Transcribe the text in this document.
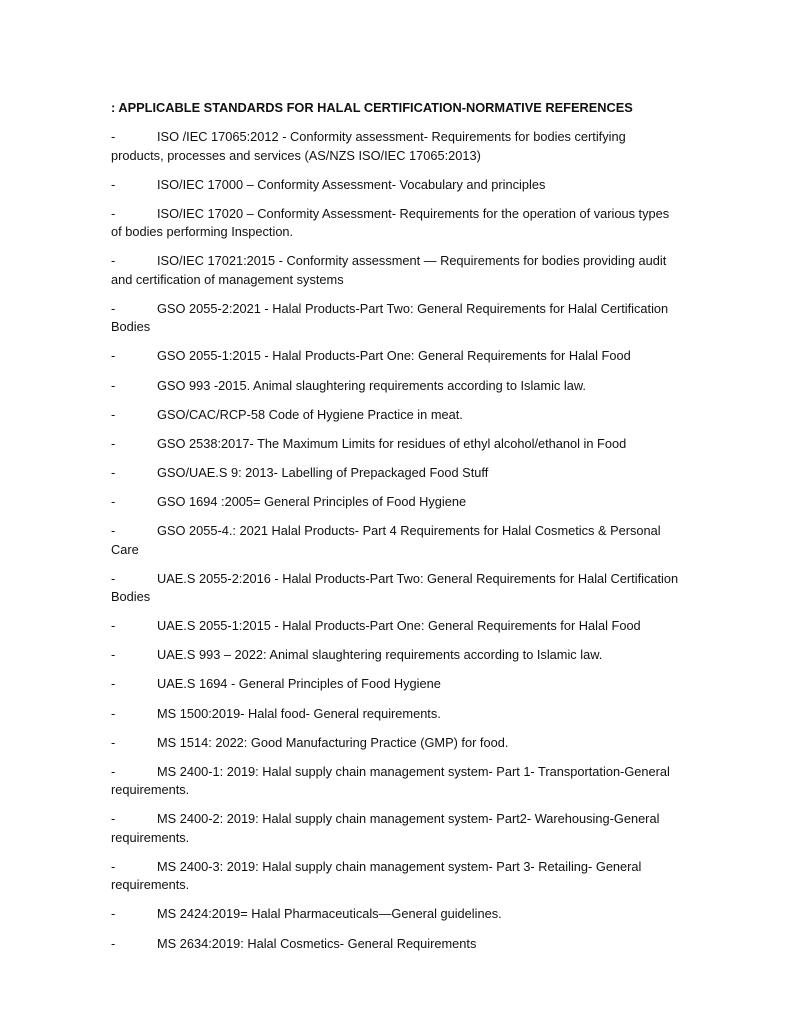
: APPLICABLE STANDARDS FOR HALAL CERTIFICATION-NORMATIVE REFERENCES
-	ISO /IEC 17065:2012 - Conformity assessment- Requirements for bodies certifying products, processes and services (AS/NZS ISO/IEC 17065:2013)
-	ISO/IEC 17000 – Conformity Assessment- Vocabulary and principles
-	ISO/IEC 17020 – Conformity Assessment- Requirements for the operation of various types of bodies performing Inspection.
-	ISO/IEC 17021:2015 - Conformity assessment — Requirements for bodies providing audit and certification of management systems
-	GSO 2055-2:2021 - Halal Products-Part Two: General Requirements for Halal Certification Bodies
-	GSO 2055-1:2015 - Halal Products-Part One: General Requirements for Halal Food
-	GSO 993 -2015. Animal slaughtering requirements according to Islamic law.
-	GSO/CAC/RCP-58 Code of Hygiene Practice in meat.
-	GSO 2538:2017- The Maximum Limits for residues of ethyl alcohol/ethanol in Food
-	GSO/UAE.S 9: 2013- Labelling of Prepackaged Food Stuff
-	GSO 1694 :2005= General Principles of Food Hygiene
-	GSO 2055-4.: 2021 Halal Products- Part 4 Requirements for Halal Cosmetics & Personal Care
-	UAE.S 2055-2:2016 - Halal Products-Part Two: General Requirements for Halal Certification Bodies
-	UAE.S 2055-1:2015 - Halal Products-Part One: General Requirements for Halal Food
-	UAE.S 993 – 2022: Animal slaughtering requirements according to Islamic law.
-	UAE.S 1694 - General Principles of Food Hygiene
-	MS 1500:2019- Halal food- General requirements.
-	MS 1514: 2022: Good Manufacturing Practice (GMP) for food.
-	MS 2400-1: 2019: Halal supply chain management system- Part 1- Transportation-General requirements.
-	MS 2400-2: 2019: Halal supply chain management system- Part2- Warehousing-General requirements.
-	MS 2400-3: 2019: Halal supply chain management system- Part 3- Retailing- General requirements.
-	MS 2424:2019= Halal Pharmaceuticals—General guidelines.
-	MS 2634:2019: Halal Cosmetics- General Requirements
